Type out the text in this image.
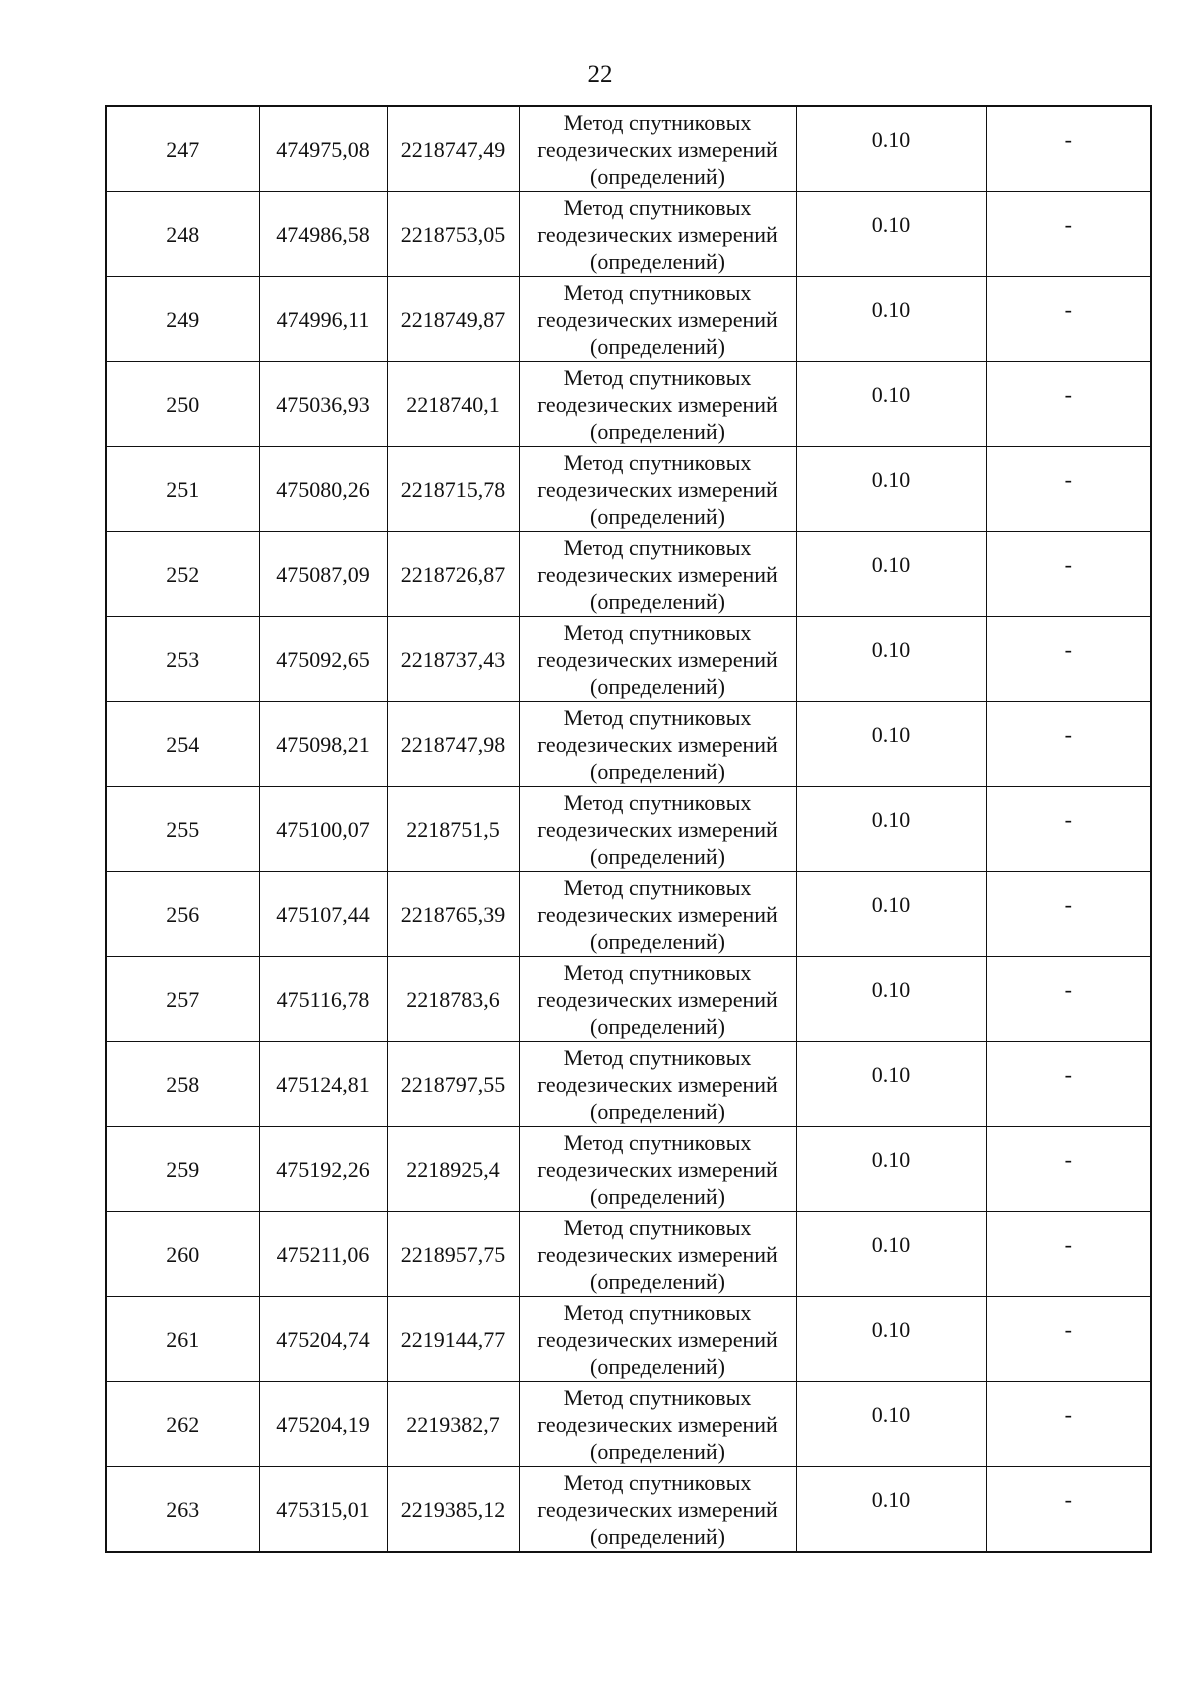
22
247	474975,08	2218747,49	Метод спутниковых
геодезических измерений
(определений)	0.10	-
248	474986,58	2218753,05	Метод спутниковых
геодезических измерений
(определений)	0.10	-
249	474996,11	2218749,87	Метод спутниковых
геодезических измерений
(определений)	0.10	-
250	475036,93	2218740,1	Метод спутниковых
геодезических измерений
(определений)	0.10	-
251	475080,26	2218715,78	Метод спутниковых
геодезических измерений
(определений)	0.10	-
252	475087,09	2218726,87	Метод спутниковых
геодезических измерений
(определений)	0.10	-
253	475092,65	2218737,43	Метод спутниковых
геодезических измерений
(определений)	0.10	-
254	475098,21	2218747,98	Метод спутниковых
геодезических измерений
(определений)	0.10	-
255	475100,07	2218751,5	Метод спутниковых
геодезических измерений
(определений)	0.10	-
256	475107,44	2218765,39	Метод спутниковых
геодезических измерений
(определений)	0.10	-
257	475116,78	2218783,6	Метод спутниковых
геодезических измерений
(определений)	0.10	-
258	475124,81	2218797,55	Метод спутниковых
геодезических измерений
(определений)	0.10	-
259	475192,26	2218925,4	Метод спутниковых
геодезических измерений
(определений)	0.10	-
260	475211,06	2218957,75	Метод спутниковых
геодезических измерений
(определений)	0.10	-
261	475204,74	2219144,77	Метод спутниковых
геодезических измерений
(определений)	0.10	-
262	475204,19	2219382,7	Метод спутниковых
геодезических измерений
(определений)	0.10	-
263	475315,01	2219385,12	Метод спутниковых
геодезических измерений
(определений)	0.10	-
